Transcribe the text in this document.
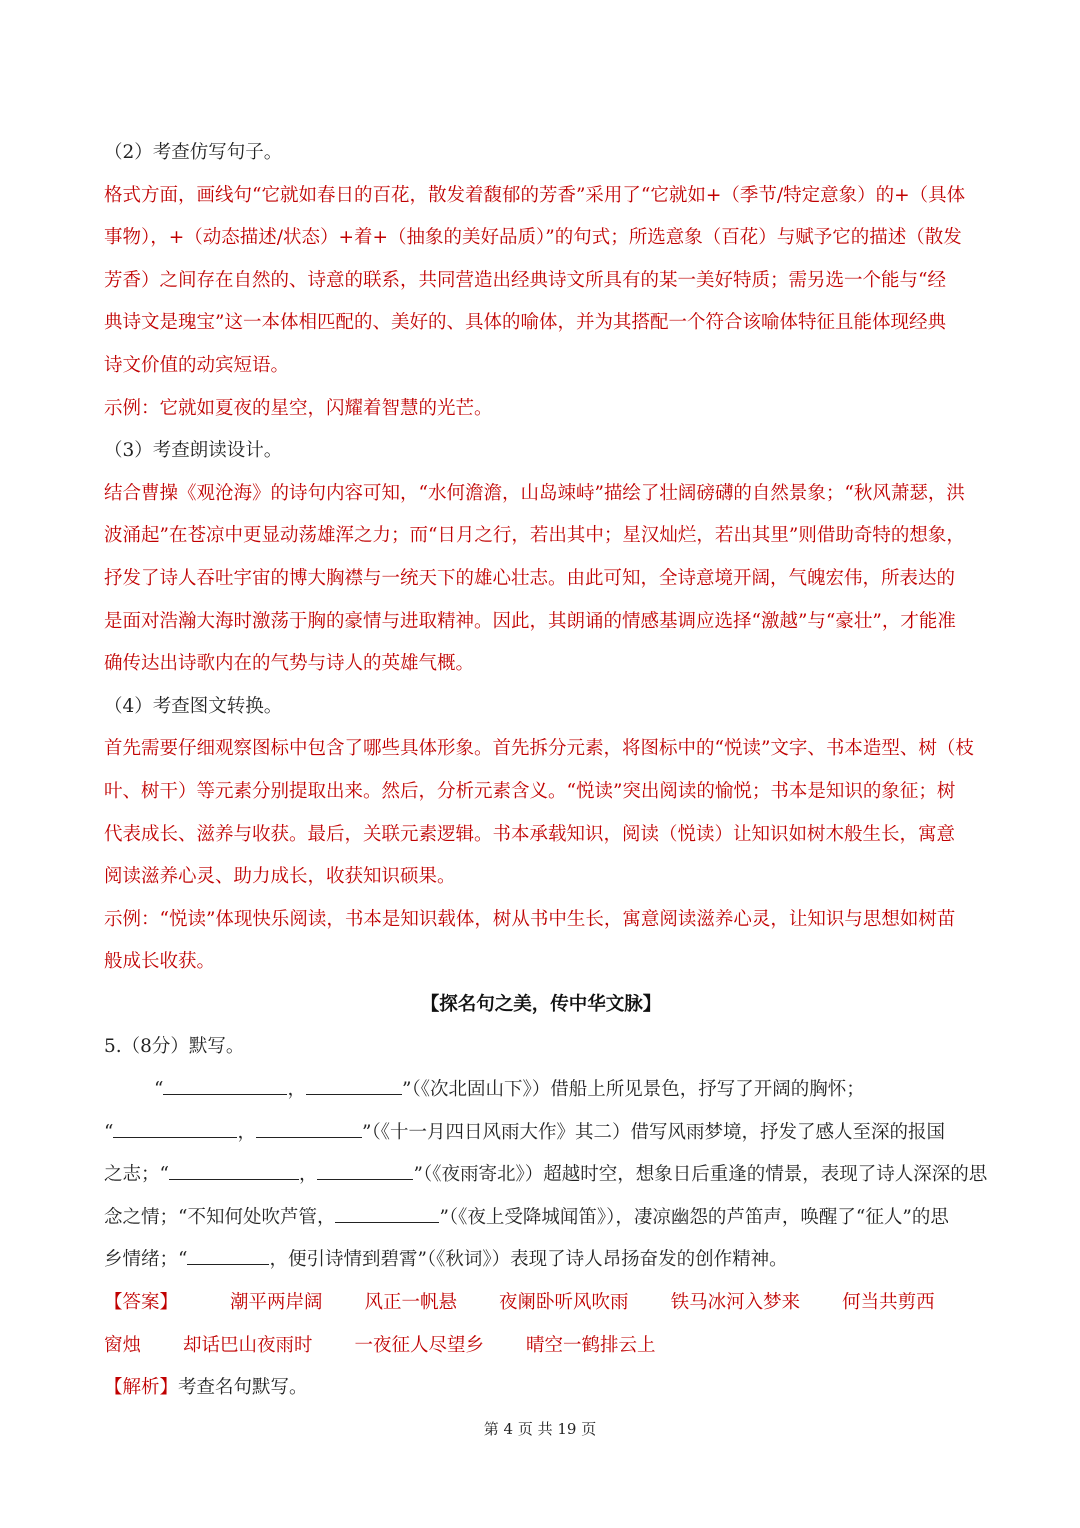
（2）考查仿写句子。
格式方面，画线句“它就如春日的百花，散发着馥郁的芳香”采用了“它就如+（季节/特定意象）的+（具体
事物），+（动态描述/状态）+着+（抽象的美好品质）”的句式；所选意象（百花）与赋予它的描述（散发
芳香）之间存在自然的、诗意的联系，共同营造出经典诗文所具有的某一美好特质；需另选一个能与“经
典诗文是瑰宝”这一本体相匹配的、美好的、具体的喻体，并为其搭配一个符合该喻体特征且能体现经典
诗文价值的动宾短语。
示例：它就如夏夜的星空，闪耀着智慧的光芒。
（3）考查朗读设计。
结合曹操《观沧海》的诗句内容可知，“水何澹澹，山岛竦峙”描绘了壮阔磅礴的自然景象；“秋风萧瑟，洪
波涌起”在苍凉中更显动荡雄浑之力；而“日月之行，若出其中；星汉灿烂，若出其里”则借助奇特的想象，
抒发了诗人吞吐宇宙的博大胸襟与一统天下的雄心壮志。由此可知，全诗意境开阔，气魄宏伟，所表达的
是面对浩瀚大海时激荡于胸的豪情与进取精神。因此，其朗诵的情感基调应选择“激越”与“豪壮”，才能准
确传达出诗歌内在的气势与诗人的英雄气概。
（4）考查图文转换。
首先需要仔细观察图标中包含了哪些具体形象。首先拆分元素，将图标中的“悦读”文字、书本造型、树（枝
叶、树干）等元素分别提取出来。然后，分析元素含义。“悦读”突出阅读的愉悦；书本是知识的象征；树
代表成长、滋养与收获。最后，关联元素逻辑。书本承载知识，阅读（悦读）让知识如树木般生长，寓意
阅读滋养心灵、助力成长，收获知识硕果。
示例：“悦读”体现快乐阅读，书本是知识载体，树从书中生长，寓意阅读滋养心灵，让知识与思想如树苗
般成长收获。
【探名句之美，传中华文脉】
5.（8分）默写。
“	，	”（《次北固山下》）借船上所见景色，抒写了开阔的胸怀；
“	，	”（《十一月四日风雨大作》其二）借写风雨梦境，抒发了感人至深的报国
之志；“	，	”（《夜雨寄北》）超越时空，想象日后重逢的情景，表现了诗人深深的思
念之情；“不知何处吹芦管，	”（《夜上受降城闻笛》），凄凉幽怨的芦笛声，唤醒了“征人”的思
乡情绪；“	，便引诗情到碧霄”（《秋词》）表现了诗人昂扬奋发的创作精神。
【答案】	潮平两岸阔 风正一帆悬 夜阑卧听风吹雨 铁马冰河入梦来 何当共剪西
窗烛 却话巴山夜雨时 一夜征人尽望乡 晴空一鹤排云上
【解析】考查名句默写。
第 4 页 共 19 页
